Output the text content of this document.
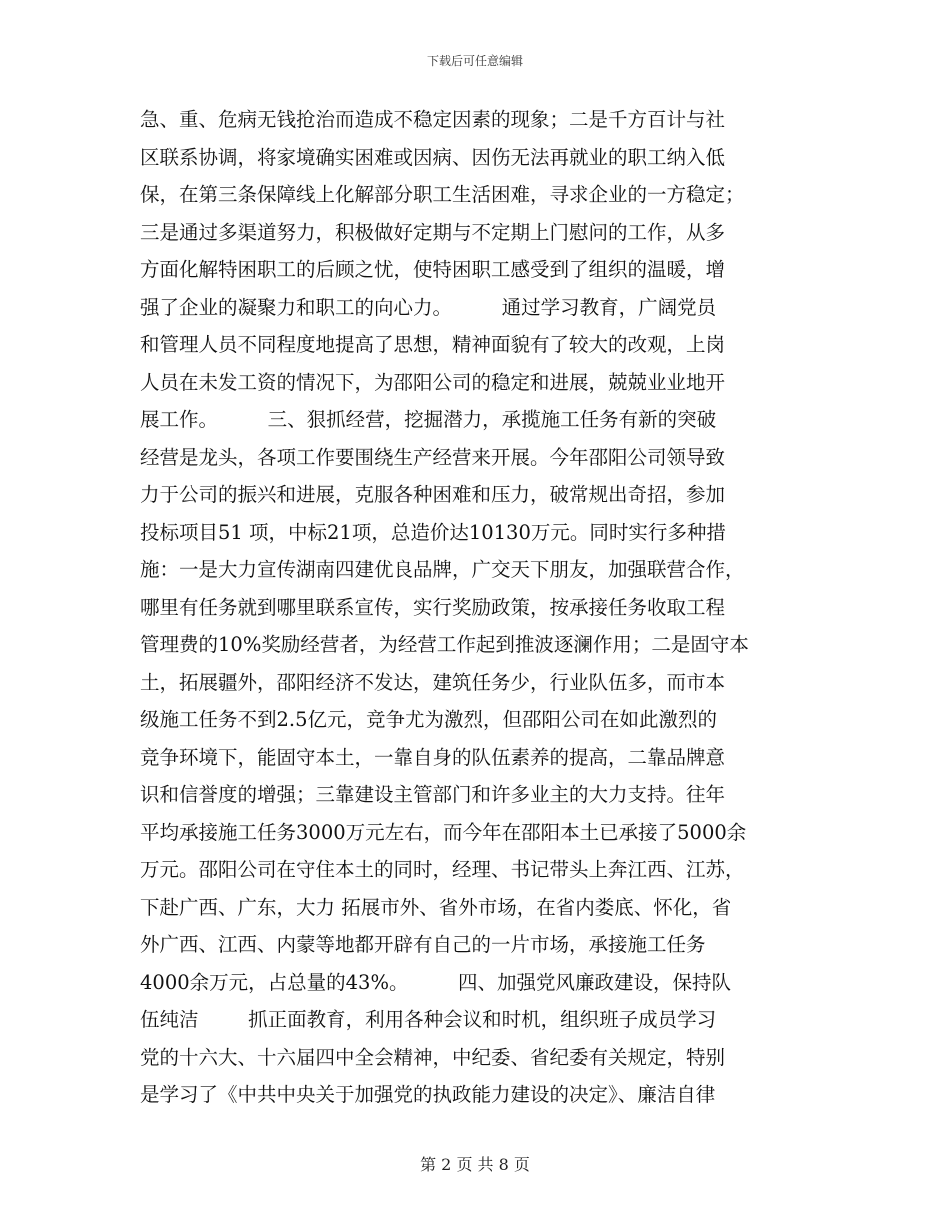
下载后可任意编辑
急、重、危病无钱抢治而造成不稳定因素的现象；二是千方百计与社
区联系协调，将家境确实困难或因病、因伤无法再就业的职工纳入低
保，在第三条保障线上化解部分职工生活困难，寻求企业的一方稳定；
三是通过多渠道努力，积极做好定期与不定期上门慰问的工作，从多
方面化解特困职工的后顾之忧，使特困职工感受到了组织的温暖，增
强了企业的凝聚力和职工的向心力。        通过学习教育，广阔党员
和管理人员不同程度地提高了思想，精神面貌有了较大的改观，上岗
人员在未发工资的情况下，为邵阳公司的稳定和进展，兢兢业业地开
展工作。        三、狠抓经营，挖掘潜力，承揽施工任务有新的突破
经营是龙头，各项工作要围绕生产经营来开展。今年邵阳公司领导致
力于公司的振兴和进展，克服各种困难和压力，破常规出奇招，参加
投标项目51 项，中标21项，总造价达10130万元。同时实行多种措
施：一是大力宣传湖南四建优良品牌，广交天下朋友，加强联营合作，
哪里有任务就到哪里联系宣传，实行奖励政策，按承接任务收取工程
管理费的10%奖励经营者，为经营工作起到推波逐澜作用；二是固守本
土，拓展疆外，邵阳经济不发达，建筑任务少，行业队伍多，而市本
级施工任务不到2.5亿元，竞争尤为激烈，但邵阳公司在如此激烈的
竞争环境下，能固守本土，一靠自身的队伍素养的提高，二靠品牌意
识和信誉度的增强；三靠建设主管部门和许多业主的大力支持。往年
平均承接施工任务3000万元左右，而今年在邵阳本土已承接了5000余
万元。邵阳公司在守住本土的同时，经理、书记带头上奔江西、江苏，
下赴广西、广东，大力 拓展市外、省外市场，在省内娄底、怀化，省
外广西、江西、内蒙等地都开辟有自己的一片市场，承接施工任务
4000余万元，占总量的43%。        四、加强党风廉政建设，保持队
伍纯洁        抓正面教育，利用各种会议和时机，组织班子成员学习
党的十六大、十六届四中全会精神，中纪委、省纪委有关规定，特别
是学习了《中共中央关于加强党的执政能力建设的决定》、廉洁自律
第 2 页 共 8 页
